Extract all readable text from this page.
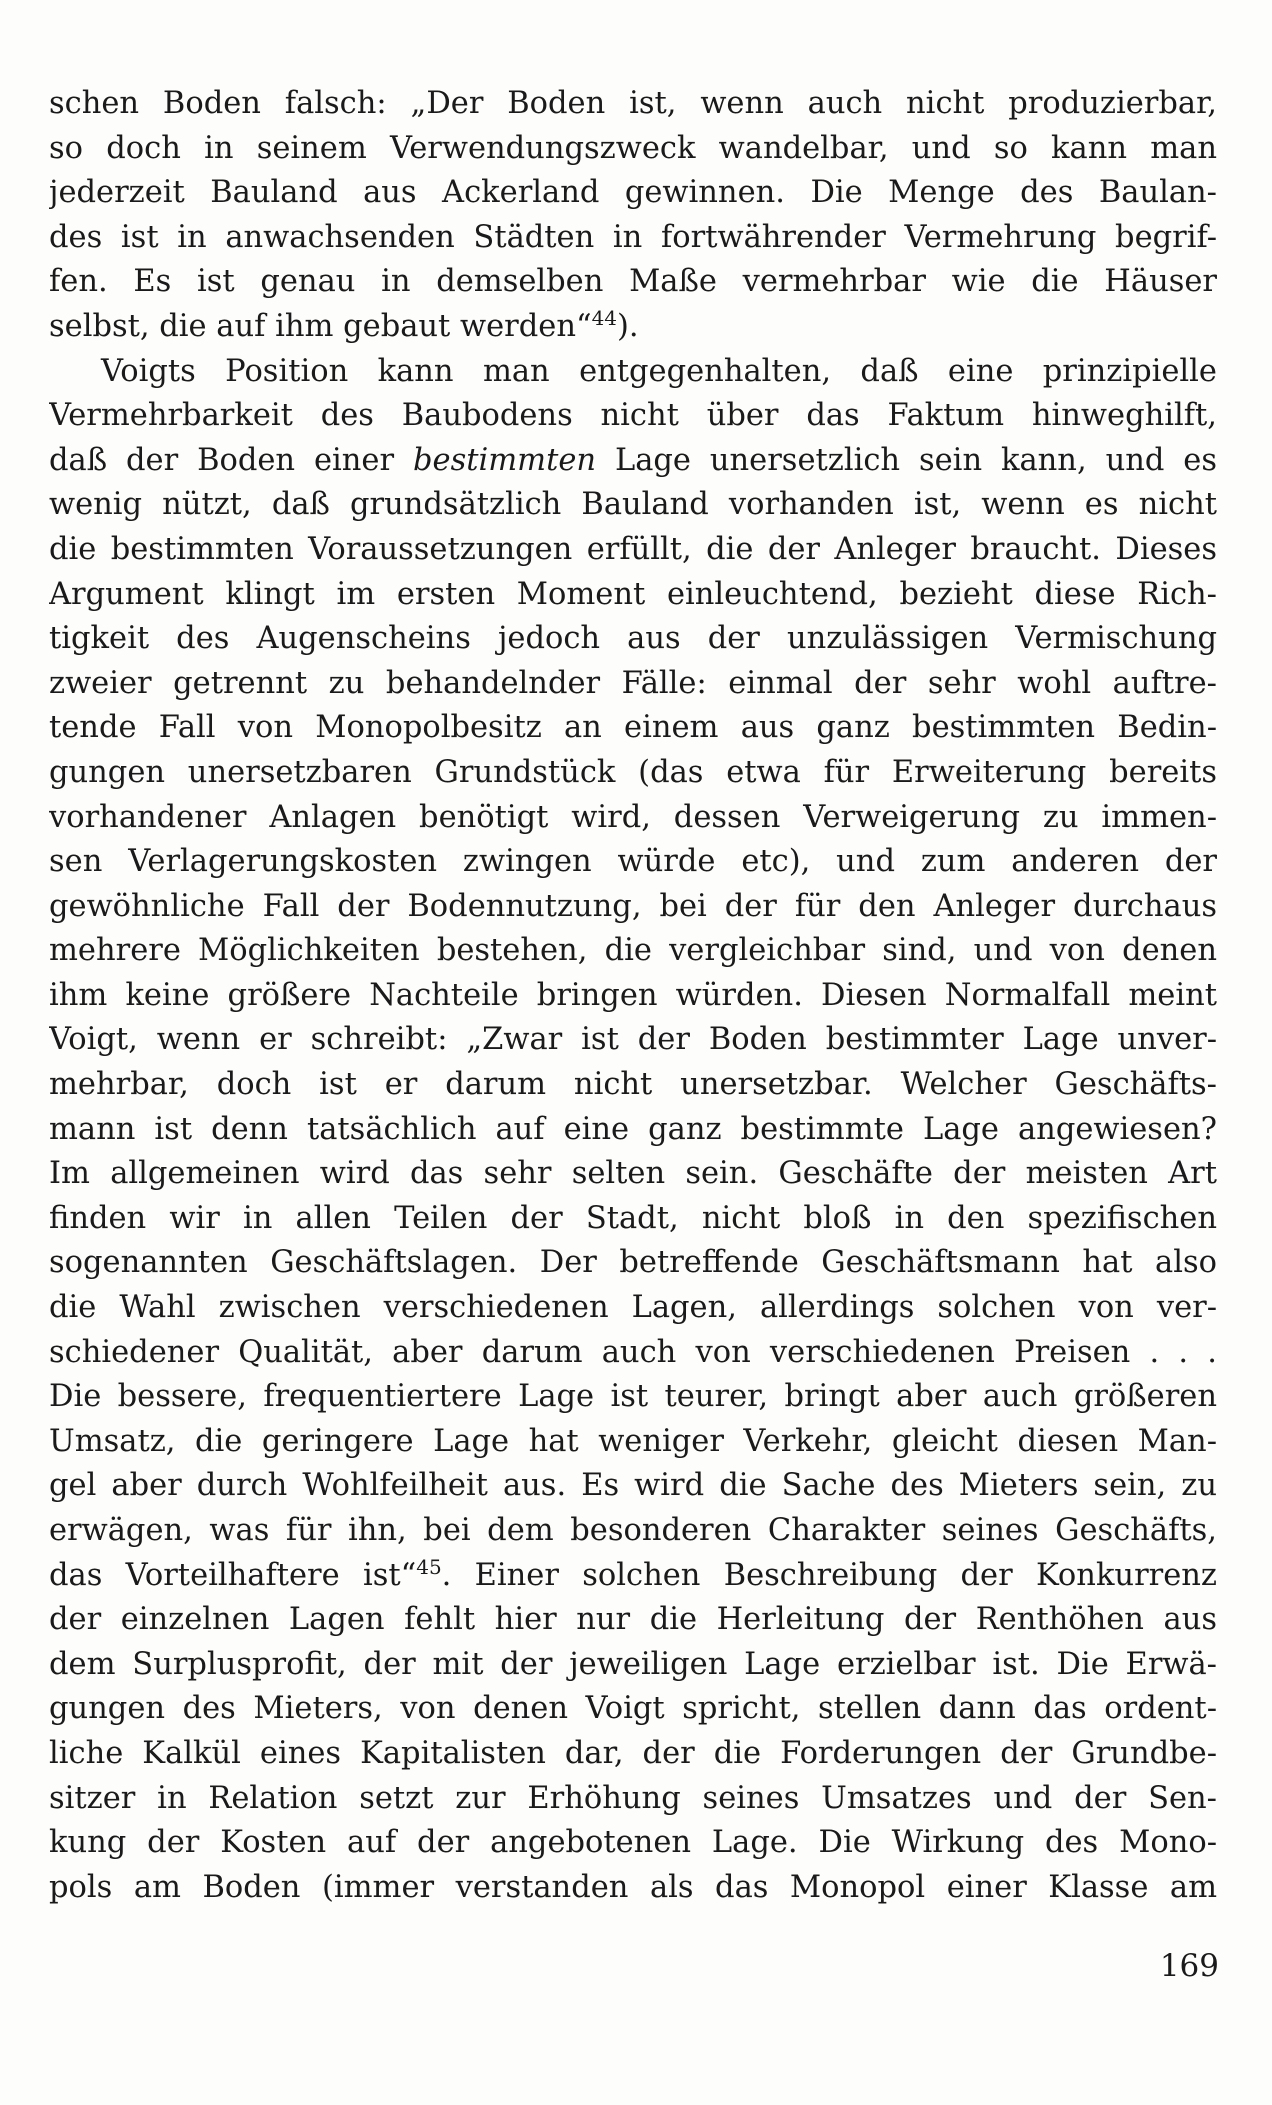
schen Boden falsch: „Der Boden ist, wenn auch nicht produzierbar,
so doch in seinem Verwendungszweck wandelbar, und so kann man
jederzeit Bauland aus Ackerland gewinnen. Die Menge des Baulan-
des ist in anwachsenden Städten in fortwährender Vermehrung begrif-
fen. Es ist genau in demselben Maße vermehrbar wie die Häuser
selbst, die auf ihm gebaut werden“$^{44}$).
Voigts Position kann man entgegenhalten, daß eine prinzipielle
Vermehrbarkeit des Baubodens nicht über das Faktum hinweghilft,
daß der Boden einer bestimmten Lage unersetzlich sein kann, und es
wenig nützt, daß grundsätzlich Bauland vorhanden ist, wenn es nicht
die bestimmten Voraussetzungen erfüllt, die der Anleger braucht. Dieses
Argument klingt im ersten Moment einleuchtend, bezieht diese Rich-
tigkeit des Augenscheins jedoch aus der unzulässigen Vermischung
zweier getrennt zu behandelnder Fälle: einmal der sehr wohl auftre-
tende Fall von Monopolbesitz an einem aus ganz bestimmten Bedin-
gungen unersetzbaren Grundstück (das etwa für Erweiterung bereits
vorhandener Anlagen benötigt wird, dessen Verweigerung zu immen-
sen Verlagerungskosten zwingen würde etc), und zum anderen der
gewöhnliche Fall der Bodennutzung, bei der für den Anleger durchaus
mehrere Möglichkeiten bestehen, die vergleichbar sind, und von denen
ihm keine größere Nachteile bringen würden. Diesen Normalfall meint
Voigt, wenn er schreibt: „Zwar ist der Boden bestimmter Lage unver-
mehrbar, doch ist er darum nicht unersetzbar. Welcher Geschäfts-
mann ist denn tatsächlich auf eine ganz bestimmte Lage angewiesen?
Im allgemeinen wird das sehr selten sein. Geschäfte der meisten Art
finden wir in allen Teilen der Stadt, nicht bloß in den spezifischen
sogenannten Geschäftslagen. Der betreffende Geschäftsmann hat also
die Wahl zwischen verschiedenen Lagen, allerdings solchen von ver-
schiedener Qualität, aber darum auch von verschiedenen Preisen . . .
Die bessere, frequentiertere Lage ist teurer, bringt aber auch größeren
Umsatz, die geringere Lage hat weniger Verkehr, gleicht diesen Man-
gel aber durch Wohlfeilheit aus. Es wird die Sache des Mieters sein, zu
erwägen, was für ihn, bei dem besonderen Charakter seines Geschäfts,
das Vorteilhaftere ist“$^{45}$. Einer solchen Beschreibung der Konkurrenz
der einzelnen Lagen fehlt hier nur die Herleitung der Renthöhen aus
dem Surplusprofit, der mit der jeweiligen Lage erzielbar ist. Die Erwä-
gungen des Mieters, von denen Voigt spricht, stellen dann das ordent-
liche Kalkül eines Kapitalisten dar, der die Forderungen der Grundbe-
sitzer in Relation setzt zur Erhöhung seines Umsatzes und der Sen-
kung der Kosten auf der angebotenen Lage. Die Wirkung des Mono-
pols am Boden (immer verstanden als das Monopol einer Klasse am
169
